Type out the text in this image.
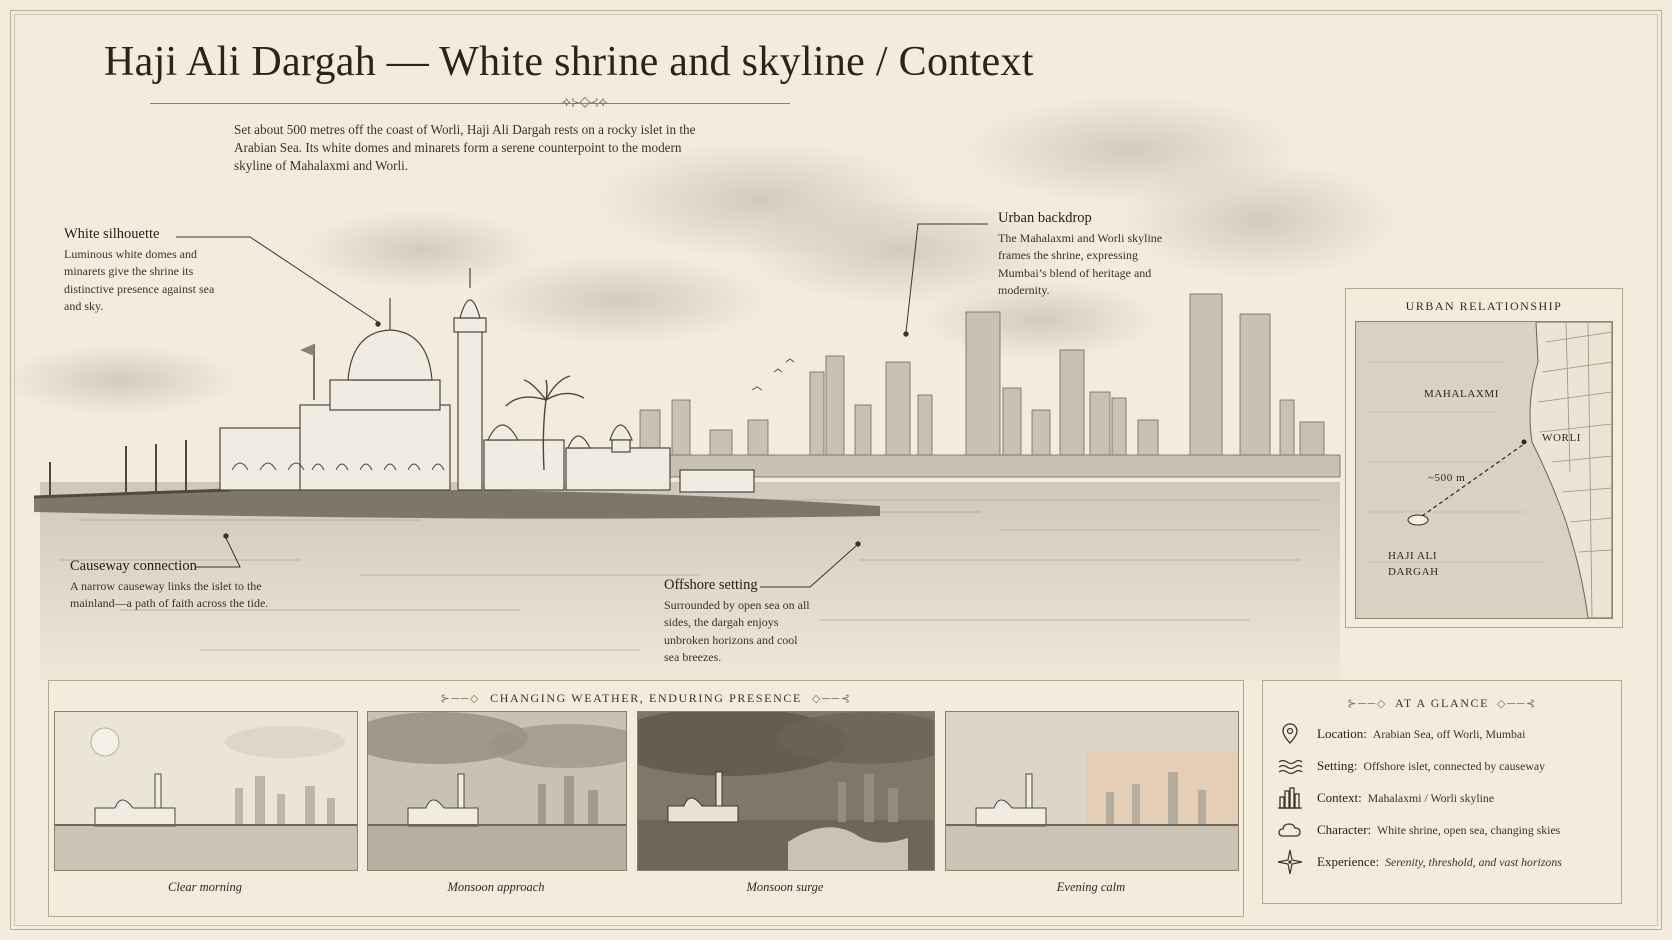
Haji Ali Dargah — White shrine and skyline / Context
⟡⊱◇⊰⟡
Set about 500 metres off the coast of Worli, Haji Ali Dargah rests on a rocky islet in the Arabian Sea. Its white domes and minarets form a serene counterpoint to the modern skyline of Mahalaxmi and Worli.
White silhouette
Luminous white domes and minarets give the shrine its distinctive presence against sea and sky.
Urban backdrop
The Mahalaxmi and Worli skyline frames the shrine, expressing Mumbai’s blend of heritage and modernity.
Causeway connection
A narrow causeway links the islet to the mainland—a path of faith across the tide.
Offshore setting
Surrounded by open sea on all sides, the dargah enjoys unbroken horizons and cool sea breezes.
URBAN RELATIONSHIP
MAHALAXMI
WORLI
~500 m
HAJI ALI
DARGAH
⊱──◇ CHANGING WEATHER, ENDURING PRESENCE ◇──⊰
Clear morning	Monsoon approach	Monsoon surge	Evening calm
⊱──◇ AT A GLANCE ◇──⊰
Location: Arabian Sea, off Worli, Mumbai
Setting: Offshore islet, connected by causeway
Context: Mahalaxmi / Worli skyline
Character: White shrine, open sea, changing skies
Experience: Serenity, threshold, and vast horizons
